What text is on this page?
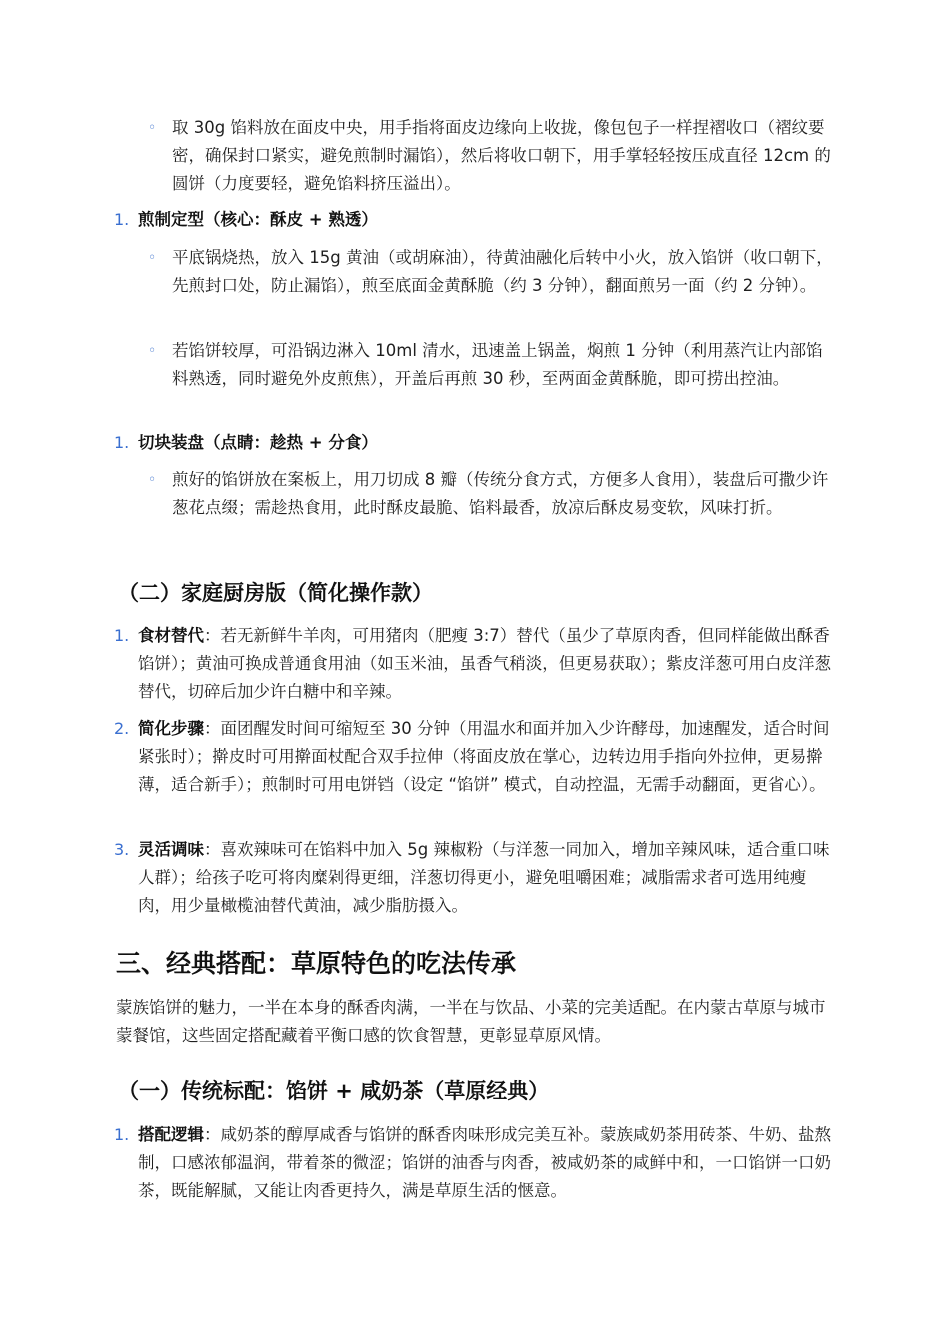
◦ 取 30g 馅料放在面皮中央，用手指将面皮边缘向上收拢，像包包子一样捏褶收口（褶纹要密，确保封口紧实，避免煎制时漏馅），然后将收口朝下，用手掌轻轻按压成直径 12cm 的圆饼（力度要轻，避免馅料挤压溢出）。
1. 煎制定型（核心：酥皮 + 熟透）
◦ 平底锅烧热，放入 15g 黄油（或胡麻油），待黄油融化后转中小火，放入馅饼（收口朝下，先煎封口处，防止漏馅），煎至底面金黄酥脆（约 3 分钟），翻面煎另一面（约 2 分钟）。
◦ 若馅饼较厚，可沿锅边淋入 10ml 清水，迅速盖上锅盖，焖煎 1 分钟（利用蒸汽让内部馅料熟透，同时避免外皮煎焦），开盖后再煎 30 秒，至两面金黄酥脆，即可捞出控油。
1. 切块装盘（点睛：趁热 + 分食）
◦ 煎好的馅饼放在案板上，用刀切成 8 瓣（传统分食方式，方便多人食用），装盘后可撒少许葱花点缀；需趁热食用，此时酥皮最脆、馅料最香，放凉后酥皮易变软，风味打折。
（二）家庭厨房版（简化操作款）
1. 食材替代：若无新鲜牛羊肉，可用猪肉（肥瘦 3:7）替代（虽少了草原肉香，但同样能做出酥香馅饼）；黄油可换成普通食用油（如玉米油，虽香气稍淡，但更易获取）；紫皮洋葱可用白皮洋葱替代，切碎后加少许白糖中和辛辣。
2. 简化步骤：面团醒发时间可缩短至 30 分钟（用温水和面并加入少许酵母，加速醒发，适合时间紧张时）；擀皮时可用擀面杖配合双手拉伸（将面皮放在掌心，边转边用手指向外拉伸，更易擀薄，适合新手）；煎制时可用电饼铛（设定 “馅饼” 模式，自动控温，无需手动翻面，更省心）。
3. 灵活调味：喜欢辣味可在馅料中加入 5g 辣椒粉（与洋葱一同加入，增加辛辣风味，适合重口味人群）；给孩子吃可将肉糜剁得更细，洋葱切得更小，避免咀嚼困难；减脂需求者可选用纯瘦肉，用少量橄榄油替代黄油，减少脂肪摄入。
三、经典搭配：草原特色的吃法传承
蒙族馅饼的魅力，一半在本身的酥香肉满，一半在与饮品、小菜的完美适配。在内蒙古草原与城市蒙餐馆，这些固定搭配藏着平衡口感的饮食智慧，更彰显草原风情。
（一）传统标配：馅饼 + 咸奶茶（草原经典）
1. 搭配逻辑：咸奶茶的醇厚咸香与馅饼的酥香肉味形成完美互补。蒙族咸奶茶用砖茶、牛奶、盐熬制，口感浓郁温润，带着茶的微涩；馅饼的油香与肉香，被咸奶茶的咸鲜中和，一口馅饼一口奶茶，既能解腻，又能让肉香更持久，满是草原生活的惬意。
